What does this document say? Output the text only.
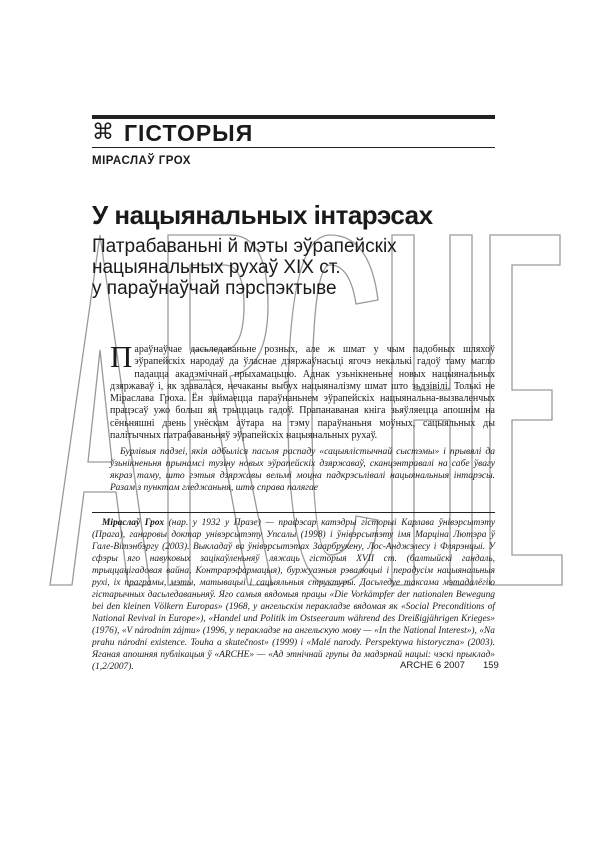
⌘ ГІСТОРЫЯ
МІРАСЛАЎ ГРОХ
У нацыянальных інтарэсах
Патрабаваньні й мэты эўрапейскіх
нацыянальных рухаў XIX ст.
у параўнаўчай пэрспэктыве

Параўнаўчае дасьледаваньне розных, але ж шмат у чым падобных шляхоў эўрапейскіх народаў да ўласнае дзяржаўнасьці ягочэ некалькі гадоў таму магло падацца акадэмічнай прыхамацьцю. Аднак узьнікненьне новых нацыянальных дзяржаваў і, як здавалася, нечаканы выбух нацыяналізму шмат што зьдзівілі. Толькі не Міраслава Гроха. Ён займаецца параўнаньнем эўрапейскіх нацыянальна-вызваленчых працэсаў ужо больш як трыццаць гадоў. Прапанаваная кніга зьяўляецца апошнім на сёньняшні дзень унёскам аўтара на тэму параўнаньня моўных, сацыяльных ды палітычных патрабаваньняў эўрапейскіх нацыянальных рухаў.

Бурлівыя падзеі, якія адбыліся пасьля распаду «сацыялістычнай сыстэмы» і прывялі да ўзьнікненьня прынамсі тузіну новых эўрапейскіх дзяржаваў, сканцэнтравалі на сабе ўвагу якраз таму, што гэтыя дзяржавы вельмі моцна падкрэсьлівалі нацыянальныя інтарэсы. Разам з пунктам гледжаньня, што справа палягае

Міраслаў Грох (нар. у 1932 у Празе) — прафэсар катэдры гісторыі Карлава ўнівэрсытэту (Прага), ганаровы доктар унівэрсытэту Упсалы (1998) і ўнівэрсытэту імя Марціна Лютэра ў Гале-Вітэнбэргу (2003). Выкладаў ва ўнівэрсытэтах Заарбрукену, Лос-Анджэлесу і Флярэнцыі. У сфэры яго навуковых зацікаўленьняў ляжаць гісторыя XVII ст. (балтыйскі гандаль, трыццацігадовая вайна, Контрарэфармацыя), буржуазныя рэвалюцыі і перадусім нацыянальныя рухі, іх праграмы, мэты, матывацыі і сацыяльныя структуры. Дасьледуе таксама мэтадалёгію гістарычных дасьледаваньняў. Яго самыя вядомыя працы «Die Vorkämpfer der nationalen Bewegung bei den kleinen Völkern Europas» (1968, у ангельскім перакладзе вядомая як «Social Preconditions of National Revival in Europe»), «Handel und Politik im Ostseeraum während des Dreißigjährigen Krieges» (1976), «V národním zájmu» (1996, у перакладзе на ангельскую мову — «In the National Interest»), «Na prahu národní existence. Touha a skutečnost» (1999) і «Malé narody. Perspektywa historyczna» (2003). Яганая апошняя публікацыя ў «ARCHE» — «Ад этнічнай групы да мадэрнай нацыі: чэскі прыклад» (1,2/2007).	ARCHE 6 2007 159
